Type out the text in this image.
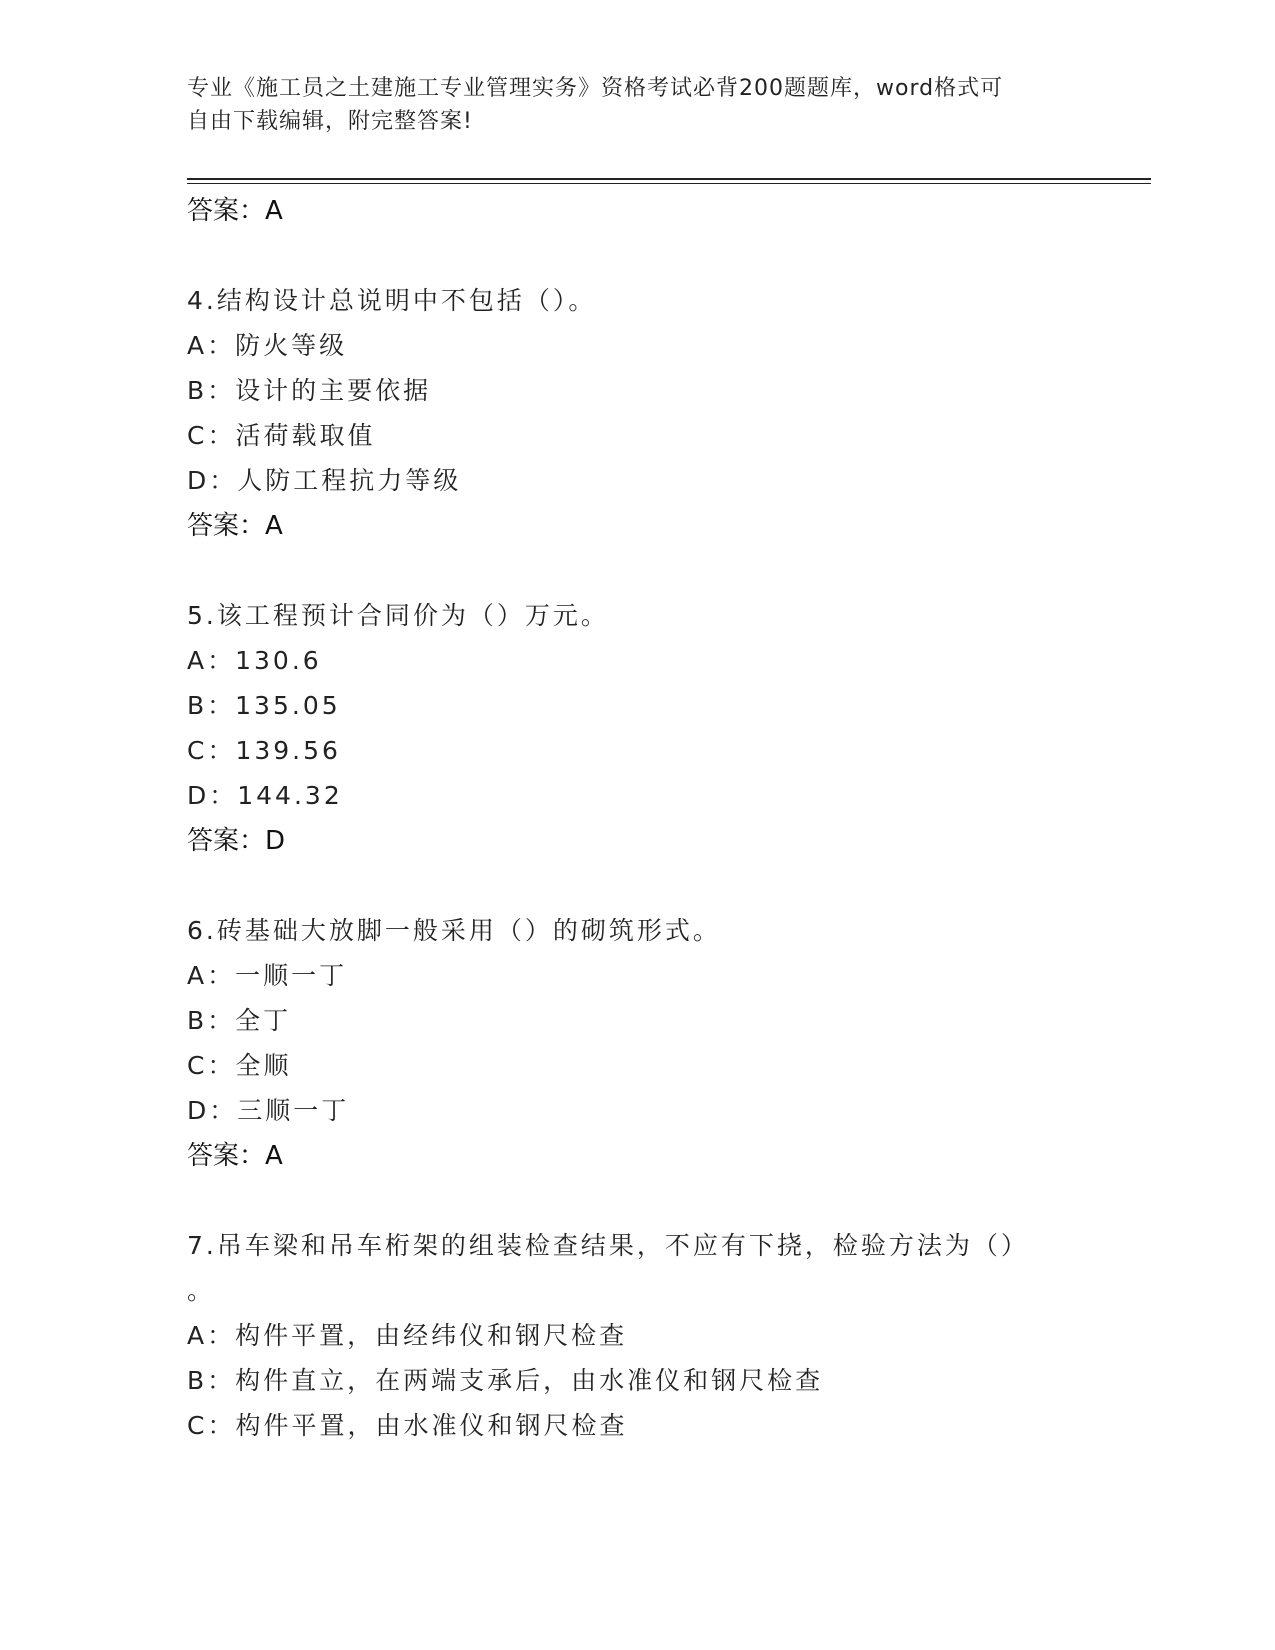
专业《施工员之土建施工专业管理实务》资格考试必背200题题库，word格式可
自由下载编辑，附完整答案!
答案：A
4.结构设计总说明中不包括（）。
A：防火等级
B：设计的主要依据
C：活荷载取值
D：人防工程抗力等级
答案：A
5.该工程预计合同价为（）万元。
A：130.6
B：135.05
C：139.56
D：144.32
答案：D
6.砖基础大放脚一般采用（）的砌筑形式。
A：一顺一丁
B：全丁
C：全顺
D：三顺一丁
答案：A
7.吊车梁和吊车桁架的组装检查结果，不应有下挠，检验方法为（）
。
A：构件平置，由经纬仪和钢尺检查
B：构件直立，在两端支承后，由水准仪和钢尺检查
C：构件平置，由水准仪和钢尺检查
